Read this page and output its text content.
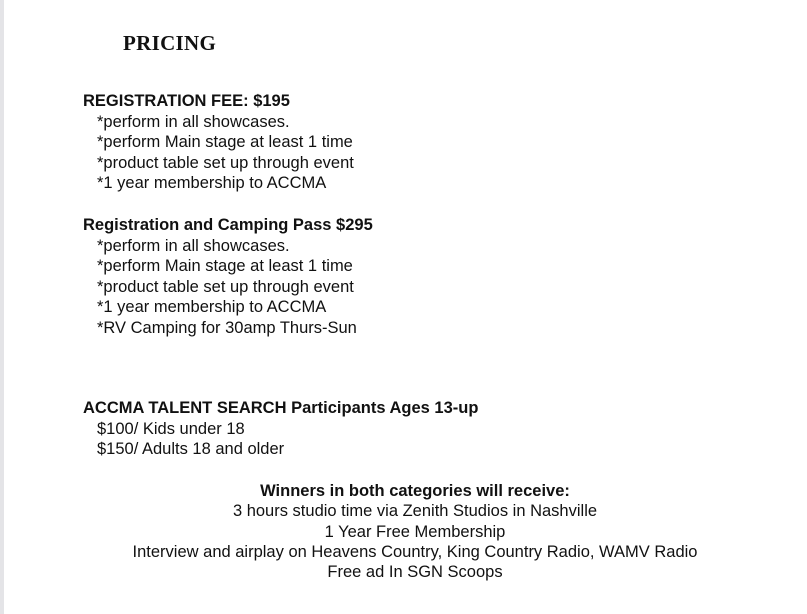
PRICING
REGISTRATION FEE: $195
*perform in all showcases.
*perform Main stage at least 1 time
*product table set up through event
*1 year membership to ACCMA
Registration and Camping Pass $295
*perform in all showcases.
*perform Main stage at least 1 time
*product table set up through event
*1 year membership to ACCMA
*RV Camping for 30amp Thurs-Sun
ACCMA TALENT SEARCH Participants Ages 13-up
$100/ Kids under 18
$150/ Adults 18 and older
Winners in both categories will receive:
3 hours studio time via Zenith Studios in Nashville
1 Year Free Membership
Interview and airplay on Heavens Country, King Country Radio, WAMV Radio
Free ad In SGN Scoops
